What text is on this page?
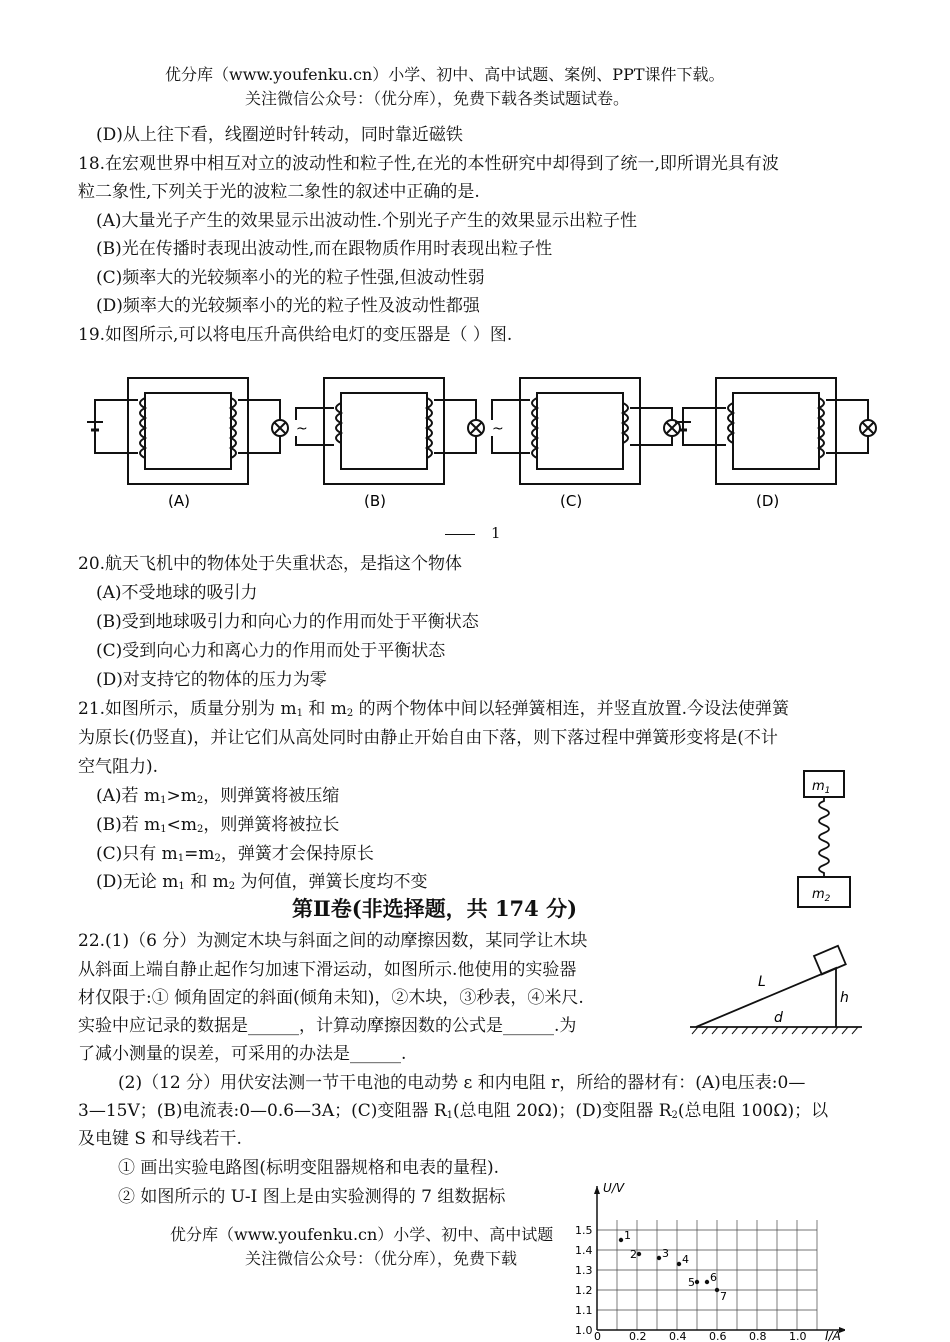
优分库（www.youfenku.cn）小学、初中、高中试题、案例、PPT课件下载。
关注微信公众号：（优分库），免费下载各类试题试卷。
(D)从上往下看，线圈逆时针转动，同时靠近磁铁
18.在宏观世界中相互对立的波动性和粒子性,在光的本性研究中却得到了统一,即所谓光具有波
粒二象性,下列关于光的波粒二象性的叙述中正确的是.
(A)大量光子产生的效果显示出波动性.个别光子产生的效果显示出粒子性
(B)光在传播时表现出波动性,而在跟物质作用时表现出粒子性
(C)频率大的光较频率小的光的粒子性强,但波动性弱
(D)频率大的光较频率小的光的粒子性及波动性都强
19.如图所示,可以将电压升高供给电灯的变压器是（ ）图.
~	~
(A)	(B)	(C)	(D)
1
20.航天飞机中的物体处于失重状态，是指这个物体
(A)不受地球的吸引力
(B)受到地球吸引力和向心力的作用而处于平衡状态
(C)受到向心力和离心力的作用而处于平衡状态
(D)对支持它的物体的压力为零
21.如图所示，质量分别为 $m_1$ 和 $m_2$ 的两个物体中间以轻弹簧相连，并竖直放置.今设法使弹簧
为原长(仍竖直)，并让它们从高处同时由静止开始自由下落，则下落过程中弹簧形变将是(不计
空气阻力).
(A)若 $m_1>m_2$，则弹簧将被压缩
(B)若 $m_1<m_2$，则弹簧将被拉长
(C)只有 $m_1=m_2$，弹簧才会保持原长
(D)无论 $m_1$ 和 $m_2$ 为何值，弹簧长度均不变
$m_1$
$m_2$
第Ⅱ卷(非选择题，共 174 分)
22.(1)（6 分）为测定木块与斜面之间的动摩擦因数，某同学让木块
从斜面上端自静止起作匀加速下滑运动，如图所示.他使用的实验器
材仅限于:① 倾角固定的斜面(倾角未知)，②木块，③秒表，④米尺.
实验中应记录的数据是______，计算动摩擦因数的公式是______.为
了减小测量的误差，可采用的办法是______.
L
h
d
(2)（12 分）用伏安法测一节干电池的电动势 ε 和内电阻 r，所给的器材有：(A)电压表:0—
3—15V；(B)电流表:0—0.6—3A；(C)变阻器 $R_1$(总电阻 20Ω)；(D)变阻器 $R_2$(总电阻 100Ω)；以
及电键 S 和导线若干.
① 画出实验电路图(标明变阻器规格和电表的量程).
② 如图所示的 U-I 图上是由实验测得的 7 组数据标
优分库（www.youfenku.cn）小学、初中、高中试题
关注微信公众号：（优分库），免费下载
U/V
I/A
0	0.2 0.4 0.6 0.8 1.0
1.0
1.1
1.2
1.3
1.4
1.5	1
2 3 4
5 6
7
